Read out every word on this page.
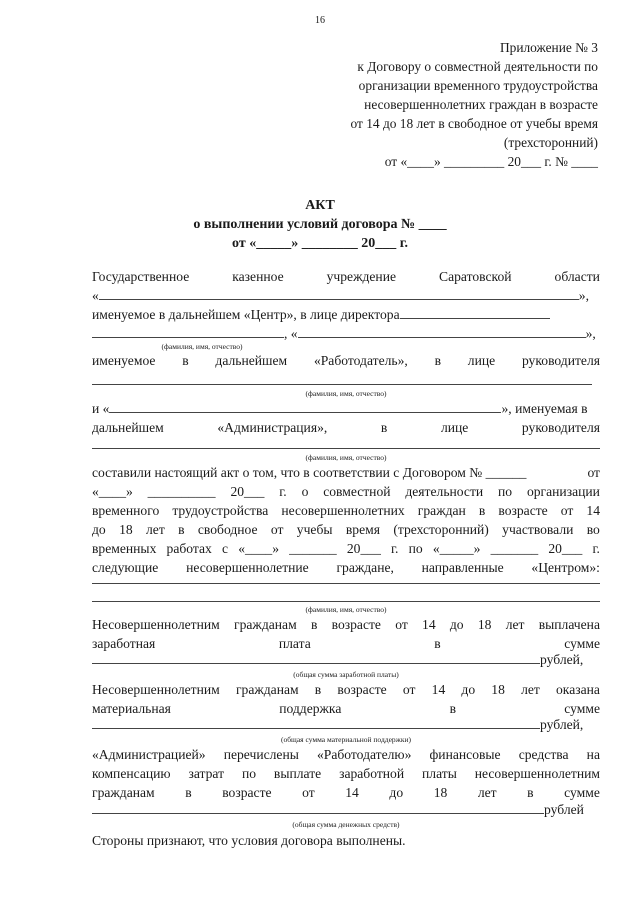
16
Приложение № 3
к Договору о совместной деятельности по
организации временного трудоустройства
несовершеннолетних граждан в возрасте
от 14 до 18 лет в свободное от учебы время
(трехсторонний)
от «____» _________ 20___ г. № ____
АКТ
о выполнении условий договора № ____
от «_____» ________ 20___ г.
Государственное	казенное	учреждение	Саратовской	области
«	»,
именуемое в дальнейшем «Центр», в лице директора
, «	»,
(фамилия, имя, отчество)
именуемое в дальнейшем «Работодатель», в лице руководителя
(фамилия, имя, отчество)
и «	», именуемая в
дальнейшем	«Администрация»,	в	лице	руководителя
(фамилия, имя, отчество)
составили настоящий акт о том, что в соответствии с Договором № ______	от
«____» __________ 20___ г. о совместной деятельности по организации
временного трудоустройства несовершеннолетних граждан в возрасте от 14
до 18 лет в свободное от учебы время (трехсторонний) участвовали во
временных работах с «____» _______ 20___ г. по «_____» _______ 20___ г.
следующие несовершеннолетние граждане, направленные «Центром»:
(фамилия, имя, отчество)
Несовершеннолетним гражданам в возрасте от 14 до 18 лет выплачена
заработная	плата	в	сумме
рублей,
(общая сумма заработной платы)
Несовершеннолетним гражданам в возрасте от 14 до 18 лет оказана
материальная	поддержка	в	сумме
рублей,
(общая сумма материальной поддержки)
«Администрацией» перечислены «Работодателю» финансовые средства на
компенсацию затрат по выплате заработной платы несовершеннолетним
гражданам в возрасте от 14 до 18 лет в сумме
рублей
(общая сумма денежных средств)
Стороны признают, что условия договора выполнены.
